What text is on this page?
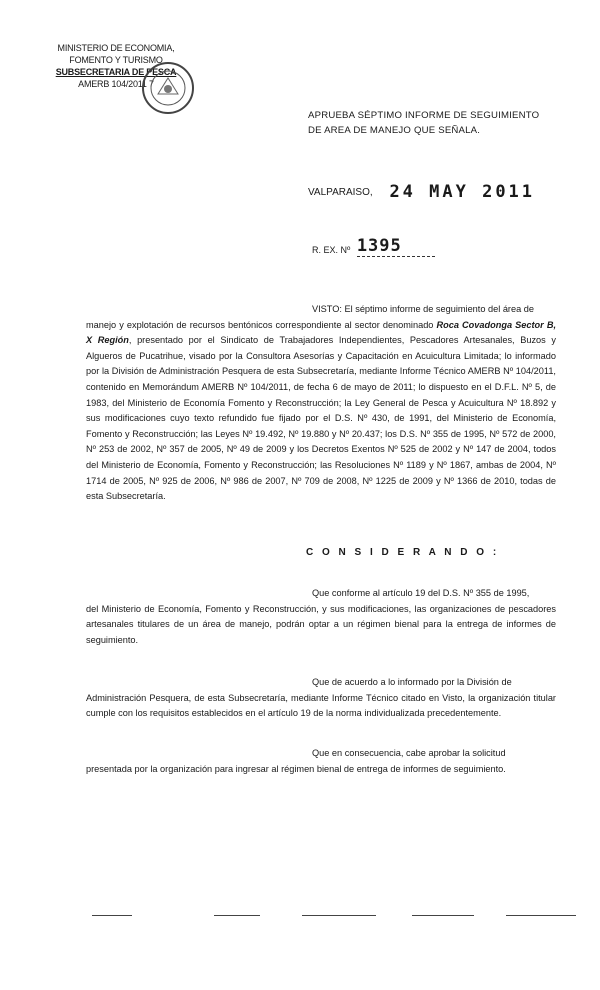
MINISTERIO DE ECONOMIA,
FOMENTO Y TURISMO
SUBSECRETARIA DE PESCA
AMERB 104/2011 7
APRUEBA SÉPTIMO INFORME DE SEGUIMIENTO DE AREA DE MANEJO QUE SEÑALA.
VALPARAISO, 24 MAY 2011
R. EX. Nº 1395
VISTO: El séptimo informe de seguimiento del área de
manejo y explotación de recursos bentónicos correspondiente al sector denominado Roca Covadonga Sector B, X Región, presentado por el Sindicato de Trabajadores Independientes, Pescadores Artesanales, Buzos y Algueros de Pucatrihue, visado por la Consultora Asesorías y Capacitación en Acuicultura Limitada; lo informado por la División de Administración Pesquera de esta Subsecretaría, mediante Informe Técnico AMERB Nº 104/2011, contenido en Memorándum AMERB Nº 104/2011, de fecha 6 de mayo de 2011; lo dispuesto en el D.F.L. Nº 5, de 1983, del Ministerio de Economía Fomento y Reconstrucción; la Ley General de Pesca y Acuicultura Nº 18.892 y sus modificaciones cuyo texto refundido fue fijado por el D.S. Nº 430, de 1991, del Ministerio de Economía, Fomento y Reconstrucción; las Leyes Nº 19.492, Nº 19.880 y Nº 20.437; los D.S. Nº 355 de 1995, Nº 572 de 2000, Nº 253 de 2002, Nº 357 de 2005, Nº 49 de 2009 y los Decretos Exentos Nº 525 de 2002 y Nº 147 de 2004, todos del Ministerio de Economía, Fomento y Reconstrucción; las Resoluciones Nº 1189 y Nº 1867, ambas de 2004, Nº 1714 de 2005, Nº 925 de 2006, Nº 986 de 2007, Nº 709 de 2008, Nº 1225 de 2009 y Nº 1366 de 2010, todas de esta Subsecretaría.
C O N S I D E R A N D O :
Que conforme al artículo 19 del D.S. Nº 355 de 1995,
del Ministerio de Economía, Fomento y Reconstrucción, y sus modificaciones, las organizaciones de pescadores artesanales titulares de un área de manejo, podrán optar a un régimen bienal para la entrega de informes de seguimiento.
Que de acuerdo a lo informado por la División de
Administración Pesquera, de esta Subsecretaría, mediante Informe Técnico citado en Visto, la organización titular cumple con los requisitos establecidos en el artículo 19 de la norma individualizada precedentemente.
Que en consecuencia, cabe aprobar la solicitud
presentada por la organización para ingresar al régimen bienal de entrega de informes de seguimiento.
